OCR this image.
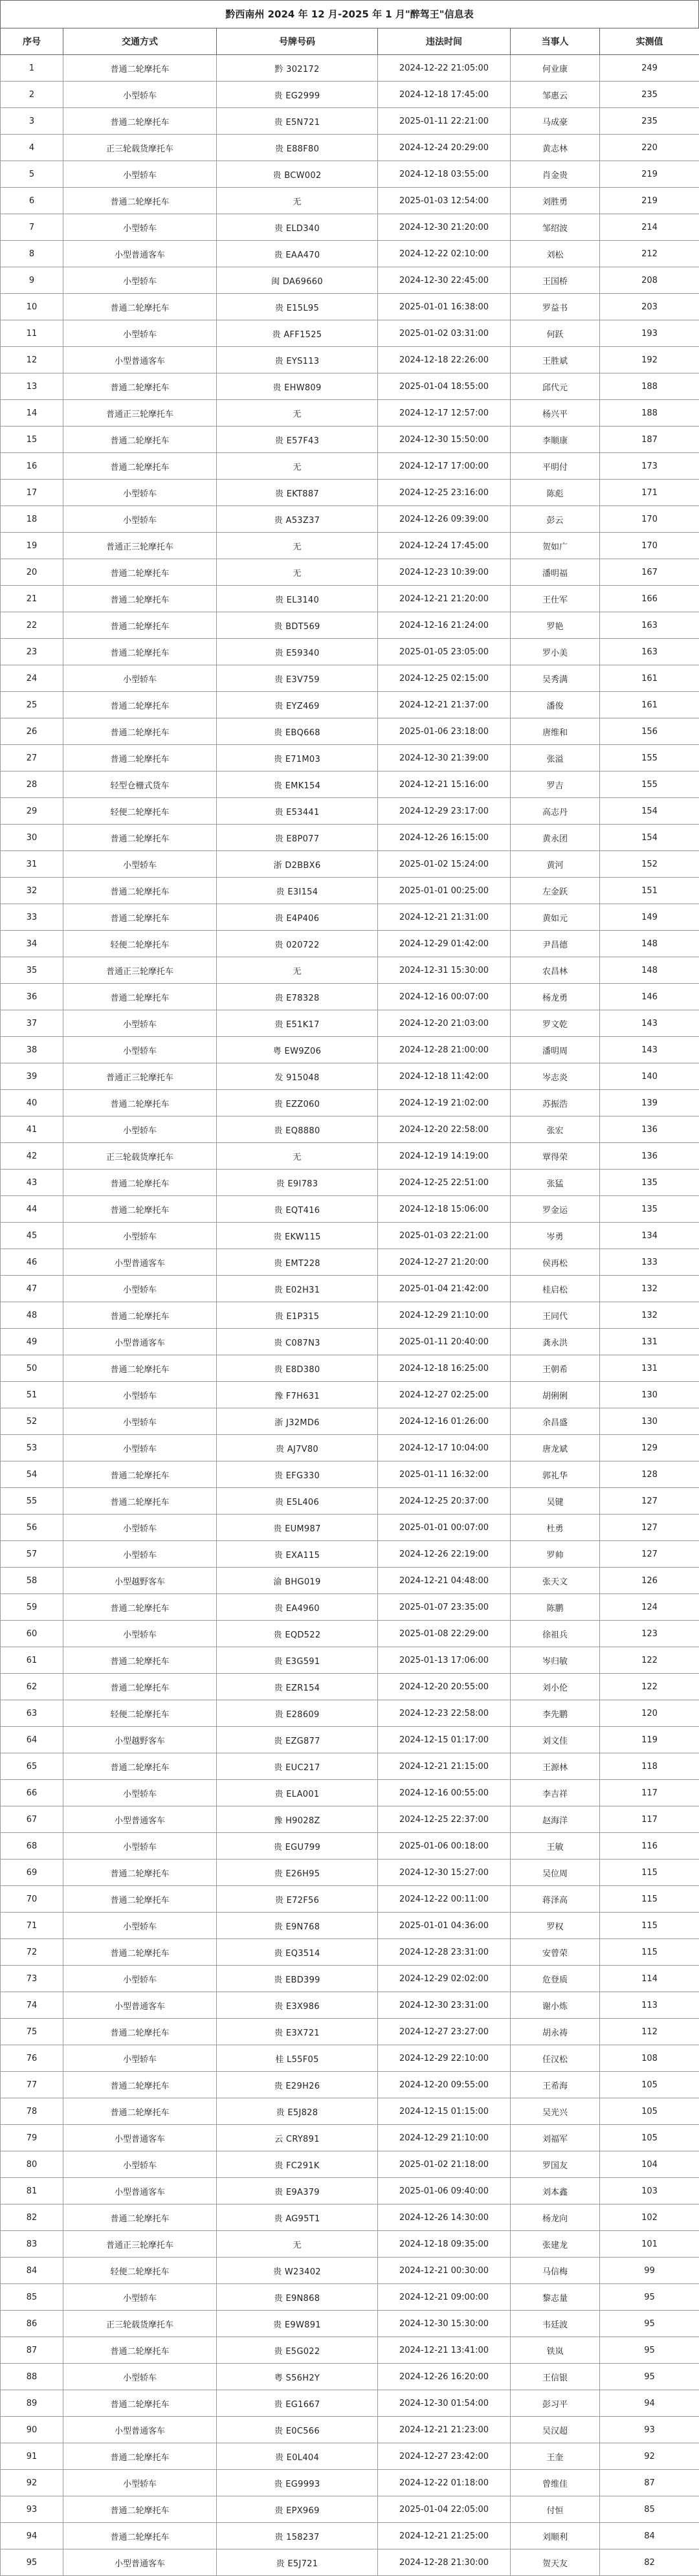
黔西南州 2024 年 12 月-2025 年 1 月"醉驾王"信息表
序号	交通方式	号牌号码	违法时间	当事人	实测值
1	普通二轮摩托车	黔 302172	2024-12-22 21:05:00	何业康	249
2	小型轿车	贵 EG2999	2024-12-18 17:45:00	邹惠云	235
3	普通二轮摩托车	贵 E5N721	2025-01-11 22:21:00	马成豪	235
4	正三轮载货摩托车	贵 E88F80	2024-12-24 20:29:00	黄志林	220
5	小型轿车	贵 BCW002	2024-12-18 03:55:00	肖金贵	219
6	普通二轮摩托车	无	2025-01-03 12:54:00	刘胜勇	219
7	小型轿车	贵 ELD340	2024-12-30 21:20:00	邹绍波	214
8	小型普通客车	贵 EAA470	2024-12-22 02:10:00	刘松	212
9	小型轿车	闽 DA69660	2024-12-30 22:45:00	王国桥	208
10	普通二轮摩托车	贵 E15L95	2025-01-01 16:38:00	罗益书	203
11	小型轿车	贵 AFF1525	2025-01-02 03:31:00	何跃	193
12	小型普通客车	贵 EYS113	2024-12-18 22:26:00	王胜斌	192
13	普通二轮摩托车	贵 EHW809	2025-01-04 18:55:00	邱代元	188
14	普通正三轮摩托车	无	2024-12-17 12:57:00	杨兴平	188
15	普通二轮摩托车	贵 E57F43	2024-12-30 15:50:00	李顺康	187
16	普通二轮摩托车	无	2024-12-17 17:00:00	平明付	173
17	小型轿车	贵 EKT887	2024-12-25 23:16:00	陈彪	171
18	小型轿车	贵 A53Z37	2024-12-26 09:39:00	彭云	170
19	普通正三轮摩托车	无	2024-12-24 17:45:00	贺如广	170
20	普通二轮摩托车	无	2024-12-23 10:39:00	潘明福	167
21	普通二轮摩托车	贵 EL3140	2024-12-21 21:20:00	王仕军	166
22	普通二轮摩托车	贵 BDT569	2024-12-16 21:24:00	罗艳	163
23	普通二轮摩托车	贵 E59340	2025-01-05 23:05:00	罗小美	163
24	小型轿车	贵 E3V759	2024-12-25 02:15:00	吴秀满	161
25	普通二轮摩托车	贵 EYZ469	2024-12-21 21:37:00	潘俊	161
26	普通二轮摩托车	贵 EBQ668	2025-01-06 23:18:00	唐维和	156
27	普通二轮摩托车	贵 E71M03	2024-12-30 21:39:00	张溢	155
28	轻型仓栅式货车	贵 EMK154	2024-12-21 15:16:00	罗吉	155
29	轻便二轮摩托车	贵 E53441	2024-12-29 23:17:00	高志丹	154
30	普通二轮摩托车	贵 E8P077	2024-12-26 16:15:00	黄永团	154
31	小型轿车	浙 D2BBX6	2025-01-02 15:24:00	黄河	152
32	普通二轮摩托车	贵 E3I154	2025-01-01 00:25:00	左金跃	151
33	普通二轮摩托车	贵 E4P406	2024-12-21 21:31:00	黄如元	149
34	轻便二轮摩托车	贵 020722	2024-12-29 01:42:00	尹昌德	148
35	普通正三轮摩托车	无	2024-12-31 15:30:00	农昌林	148
36	普通二轮摩托车	贵 E78328	2024-12-16 00:07:00	杨龙勇	146
37	小型轿车	贵 E51K17	2024-12-20 21:03:00	罗文乾	143
38	小型轿车	粤 EW9Z06	2024-12-28 21:00:00	潘明周	143
39	普通正三轮摩托车	发 915048	2024-12-18 11:42:00	岑志炎	140
40	普通二轮摩托车	贵 EZZ060	2024-12-19 21:02:00	苏振浩	139
41	小型轿车	贵 EQ8880	2024-12-20 22:58:00	张宏	136
42	正三轮载货摩托车	无	2024-12-19 14:19:00	覃得荣	136
43	普通二轮摩托车	贵 E9I783	2024-12-25 22:51:00	张猛	135
44	普通二轮摩托车	贵 EQT416	2024-12-18 15:06:00	罗金运	135
45	小型轿车	贵 EKW115	2025-01-03 22:21:00	岑勇	134
46	小型普通客车	贵 EMT228	2024-12-27 21:20:00	侯再松	133
47	小型轿车	贵 E02H31	2025-01-04 21:42:00	桂启松	132
48	普通二轮摩托车	贵 E1P315	2024-12-29 21:10:00	王同代	132
49	小型普通客车	贵 C087N3	2025-01-11 20:40:00	龚永洪	131
50	普通二轮摩托车	贵 E8D380	2024-12-18 16:25:00	王朝希	131
51	小型轿车	豫 F7H631	2024-12-27 02:25:00	胡俐俐	130
52	小型轿车	浙 J32MD6	2024-12-16 01:26:00	余昌盛	130
53	小型轿车	贵 AJ7V80	2024-12-17 10:04:00	唐龙斌	129
54	普通二轮摩托车	贵 EFG330	2025-01-11 16:32:00	郭礼华	128
55	普通二轮摩托车	贵 E5L406	2024-12-25 20:37:00	吴键	127
56	小型轿车	贵 EUM987	2025-01-01 00:07:00	杜勇	127
57	小型轿车	贵 EXA115	2024-12-26 22:19:00	罗帅	127
58	小型越野客车	渝 BHG019	2024-12-21 04:48:00	张天文	126
59	普通二轮摩托车	贵 EA4960	2025-01-07 23:35:00	陈鹏	124
60	小型轿车	贵 EQD522	2025-01-08 22:29:00	徐祖兵	123
61	普通二轮摩托车	贵 E3G591	2025-01-13 17:06:00	岑归敏	122
62	普通二轮摩托车	贵 EZR154	2024-12-20 20:55:00	刘小伦	122
63	轻便二轮摩托车	贵 E28609	2024-12-23 22:58:00	李先鹏	120
64	小型越野客车	贵 EZG877	2024-12-15 01:17:00	刘文佳	119
65	普通二轮摩托车	贵 EUC217	2024-12-21 21:15:00	王源林	118
66	小型轿车	贵 ELA001	2024-12-16 00:55:00	李吉祥	117
67	小型普通客车	豫 H9028Z	2024-12-25 22:37:00	赵海洋	117
68	小型轿车	贵 EGU799	2025-01-06 00:18:00	王敏	116
69	普通二轮摩托车	贵 E26H95	2024-12-30 15:27:00	吴位周	115
70	普通二轮摩托车	贵 E72F56	2024-12-22 00:11:00	蒋泽高	115
71	小型轿车	贵 E9N768	2025-01-01 04:36:00	罗权	115
72	普通二轮摩托车	贵 EQ3514	2024-12-28 23:31:00	安曾荣	115
73	小型轿车	贵 EBD399	2024-12-29 02:02:00	危登质	114
74	小型普通客车	贵 E3X986	2024-12-30 23:31:00	谢小炼	113
75	普通二轮摩托车	贵 E3X721	2024-12-27 23:27:00	胡永祷	112
76	小型轿车	桂 L55F05	2024-12-29 22:10:00	任汉松	108
77	普通二轮摩托车	贵 E29H26	2024-12-20 09:55:00	王希海	105
78	普通二轮摩托车	贵 E5J828	2024-12-15 01:15:00	吴光兴	105
79	小型普通客车	云 CRY891	2024-12-29 21:10:00	刘福军	105
80	小型轿车	贵 FC291K	2025-01-02 21:18:00	罗国友	104
81	小型普通客车	贵 E9A379	2025-01-06 09:40:00	刘本鑫	103
82	普通二轮摩托车	贵 AG95T1	2024-12-26 14:30:00	杨龙向	102
83	普通正三轮摩托车	无	2024-12-18 09:35:00	张建龙	101
84	轻便二轮摩托车	贵 W23402	2024-12-21 00:30:00	马信梅	99
85	小型轿车	贵 E9N868	2024-12-21 09:00:00	黎志量	95
86	正三轮载货摩托车	贵 E9W891	2024-12-30 15:30:00	韦廷波	95
87	普通二轮摩托车	贵 E5G022	2024-12-21 13:41:00	铁岚	95
88	小型轿车	粤 S56H2Y	2024-12-26 16:20:00	王信银	95
89	普通二轮摩托车	贵 EG1667	2024-12-30 01:54:00	彭习平	94
90	小型普通客车	贵 E0C566	2024-12-21 21:23:00	吴汉超	93
91	普通二轮摩托车	贵 E0L404	2024-12-27 23:42:00	王奎	92
92	小型轿车	贵 EG9993	2024-12-22 01:18:00	曾维佳	87
93	普通二轮摩托车	贵 EPX969	2025-01-04 22:05:00	付恒	85
94	普通二轮摩托车	贵 158237	2024-12-21 21:25:00	刘顺利	84
95	小型普通客车	贵 E5J721	2024-12-28 21:30:00	贺天友	82
